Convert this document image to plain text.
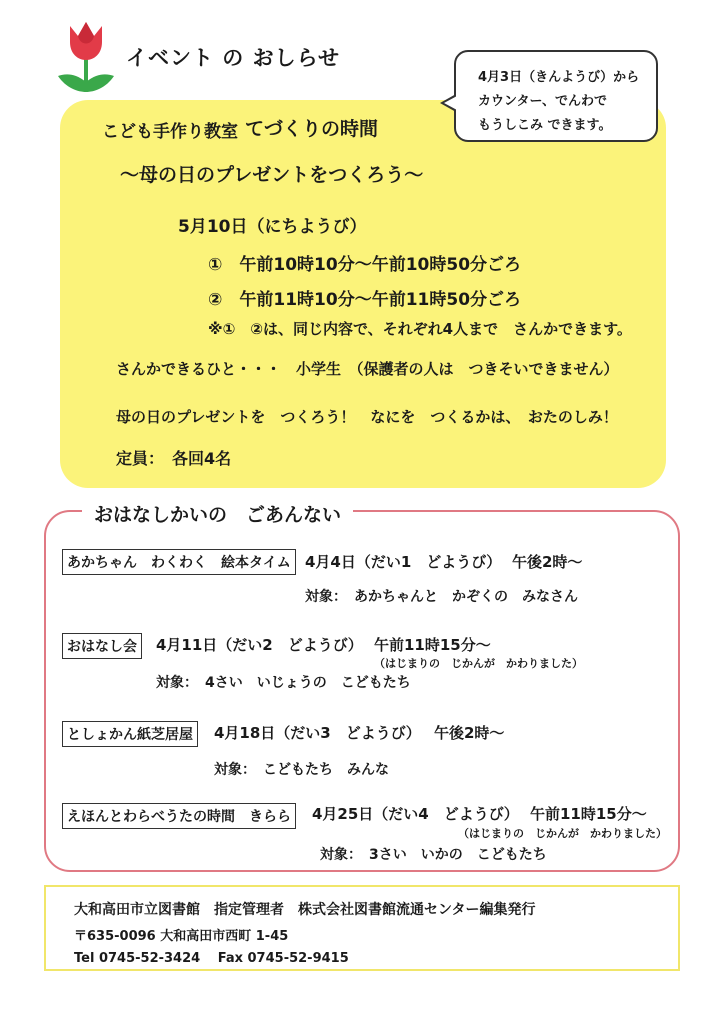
イベント の おしらせ
こども手作り教室 てづくりの時間
～母の日のプレゼントをつくろう～
5月10日（にちようび）
①　午前10時10分～午前10時50分ごろ
②　午前11時10分～午前11時50分ごろ
※①　②は、同じ内容で、それぞれ4人まで　さんかできます。
さんかできるひと・・・　小学生　（保護者の人は　つきそいできません）
母の日のプレゼントを　つくろう！　なにを　つくるかは、　おたのしみ！
定員：　各回4名
4月3日（きんようび）から
カウンター、でんわで
もうしこみ できます。
おはなしかいの　ごあんない
あかちゃん　わくわく　絵本タイム 4月4日（だい1　どようび） 午後2時～
対象：　あかちゃんと　かぞくの　みなさん
おはなし会	4月11日（だい2　どようび） 午前11時15分～
（はじまりの　じかんが　かわりました）
対象：　4さい　いじょうの　こどもたち
としょかん紙芝居屋	4月18日（だい3　どようび） 午後2時～
対象：　こどもたち　みんな
えほんとわらべうたの時間　きらら	4月25日（だい4　どようび） 午前11時15分～
（はじまりの　じかんが　かわりました）
対象：　3さい　いかの　こどもたち
大和高田市立図書館　指定管理者　株式会社図書館流通センター編集発行
〒635-0096 大和高田市西町 1-45
Tel 0745-52-3424　 Fax 0745-52-9415
